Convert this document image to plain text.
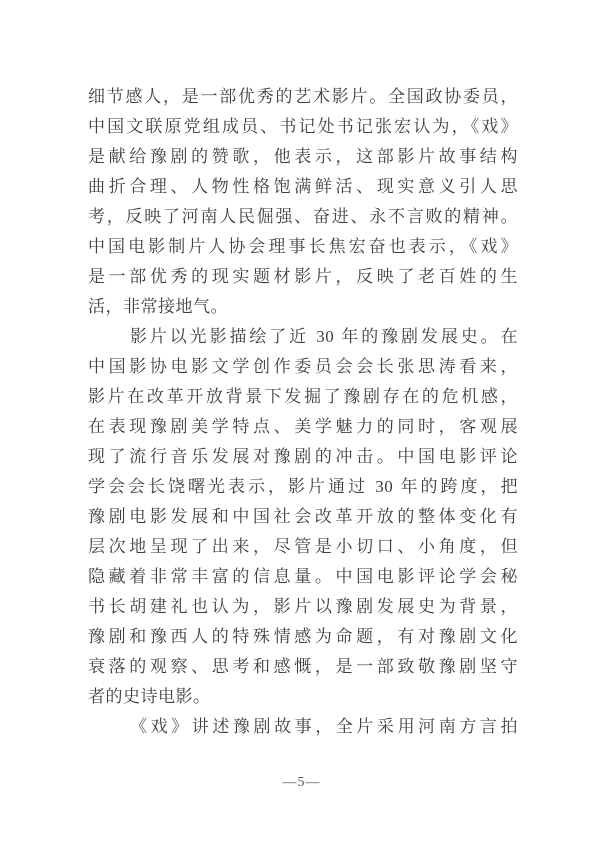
细节感人，是一部优秀的艺术影片。全国政协委员，
中国文联原党组成员、书记处书记张宏认为，《戏》
是献给豫剧的赞歌，他表示，这部影片故事结构
曲折合理、人物性格饱满鲜活、现实意义引人思
考，反映了河南人民倔强、奋进、永不言败的精神。
中国电影制片人协会理事长焦宏奋也表示，《戏》
是一部优秀的现实题材影片，反映了老百姓的生
活，非常接地气。
影片以光影描绘了近 30 年的豫剧发展史。在
中国影协电影文学创作委员会会长张思涛看来，
影片在改革开放背景下发掘了豫剧存在的危机感，
在表现豫剧美学特点、美学魅力的同时，客观展
现了流行音乐发展对豫剧的冲击。中国电影评论
学会会长饶曙光表示，影片通过 30 年的跨度，把
豫剧电影发展和中国社会改革开放的整体变化有
层次地呈现了出来，尽管是小切口、小角度，但
隐藏着非常丰富的信息量。中国电影评论学会秘
书长胡建礼也认为，影片以豫剧发展史为背景，
豫剧和豫西人的特殊情感为命题，有对豫剧文化
衰落的观察、思考和感慨，是一部致敬豫剧坚守
者的史诗电影。
《戏》讲述豫剧故事，全片采用河南方言拍
—5—
